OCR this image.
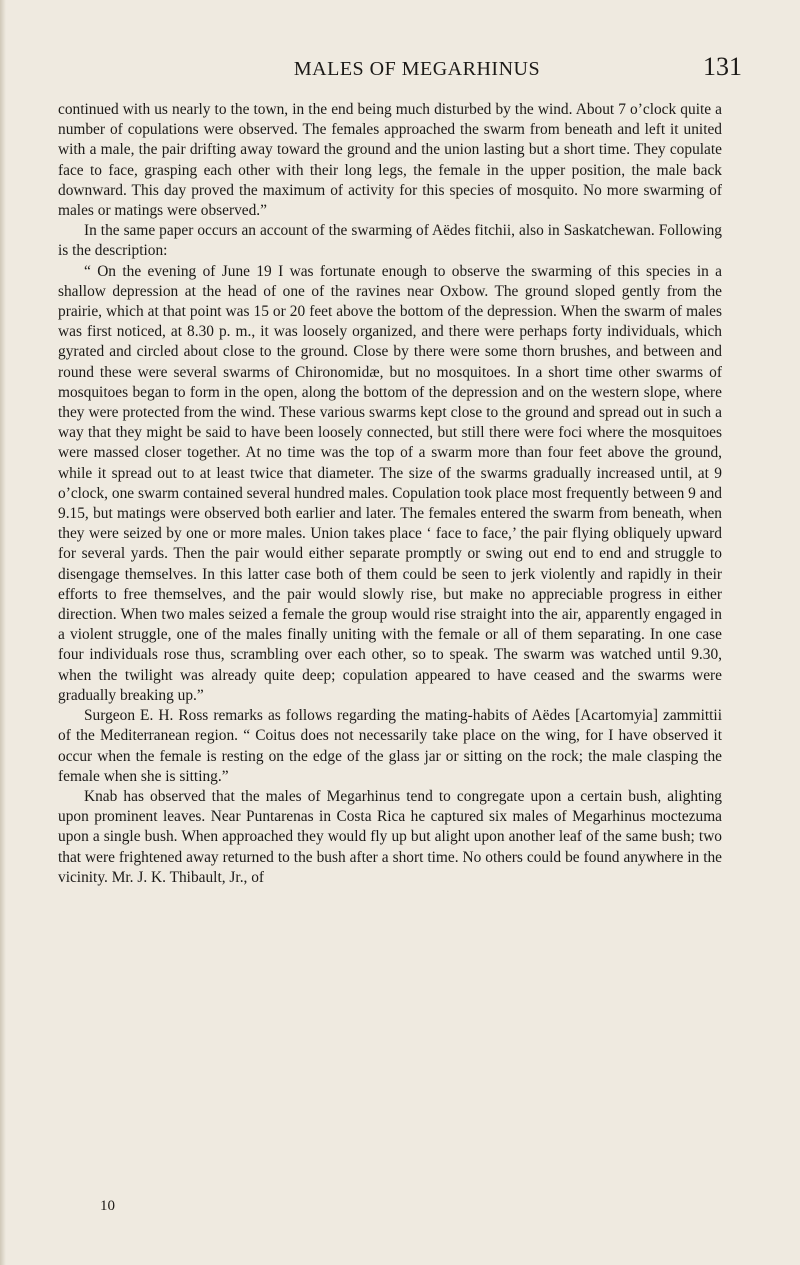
MALES OF MEGARHINUS	131

continued with us nearly to the town, in the end being much disturbed by the wind. About 7 o’clock quite a number of copulations were observed. The females approached the swarm from beneath and left it united with a male, the pair drifting away toward the ground and the union lasting but a short time. They copulate face to face, grasping each other with their long legs, the female in the upper position, the male back downward. This day proved the maximum of activity for this species of mosquito. No more swarming of males or matings were observed.”

In the same paper occurs an account of the swarming of Aëdes fitchii, also in Saskatchewan. Following is the description:

“ On the evening of June 19 I was fortunate enough to observe the swarming of this species in a shallow depression at the head of one of the ravines near Oxbow. The ground sloped gently from the prairie, which at that point was 15 or 20 feet above the bottom of the depression. When the swarm of males was first noticed, at 8.30 p. m., it was loosely organized, and there were perhaps forty individuals, which gyrated and circled about close to the ground. Close by there were some thorn brushes, and between and round these were several swarms of Chironomidæ, but no mosquitoes. In a short time other swarms of mosquitoes began to form in the open, along the bottom of the depression and on the western slope, where they were protected from the wind. These various swarms kept close to the ground and spread out in such a way that they might be said to have been loosely connected, but still there were foci where the mosquitoes were massed closer together. At no time was the top of a swarm more than four feet above the ground, while it spread out to at least twice that diameter. The size of the swarms gradually increased until, at 9 o’clock, one swarm contained several hundred males. Copulation took place most frequently between 9 and 9.15, but matings were observed both earlier and later. The females entered the swarm from beneath, when they were seized by one or more males. Union takes place ‘ face to face,’ the pair flying obliquely upward for several yards. Then the pair would either separate promptly or swing out end to end and struggle to disengage themselves. In this latter case both of them could be seen to jerk violently and rapidly in their efforts to free themselves, and the pair would slowly rise, but make no appreciable progress in either direction. When two males seized a female the group would rise straight into the air, apparently engaged in a violent struggle, one of the males finally uniting with the female or all of them separating. In one case four individuals rose thus, scrambling over each other, so to speak. The swarm was watched until 9.30, when the twilight was already quite deep; copulation appeared to have ceased and the swarms were gradually breaking up.”

Surgeon E. H. Ross remarks as follows regarding the mating-habits of Aëdes [Acartomyia] zammittii of the Mediterranean region. “ Coitus does not necessarily take place on the wing, for I have observed it occur when the female is resting on the edge of the glass jar or sitting on the rock; the male clasping the female when she is sitting.”

Knab has observed that the males of Megarhinus tend to congregate upon a certain bush, alighting upon prominent leaves. Near Puntarenas in Costa Rica he captured six males of Megarhinus moctezuma upon a single bush. When approached they would fly up but alight upon another leaf of the same bush; two that were frightened away returned to the bush after a short time. No others could be found anywhere in the vicinity. Mr. J. K. Thibault, Jr., of

10
